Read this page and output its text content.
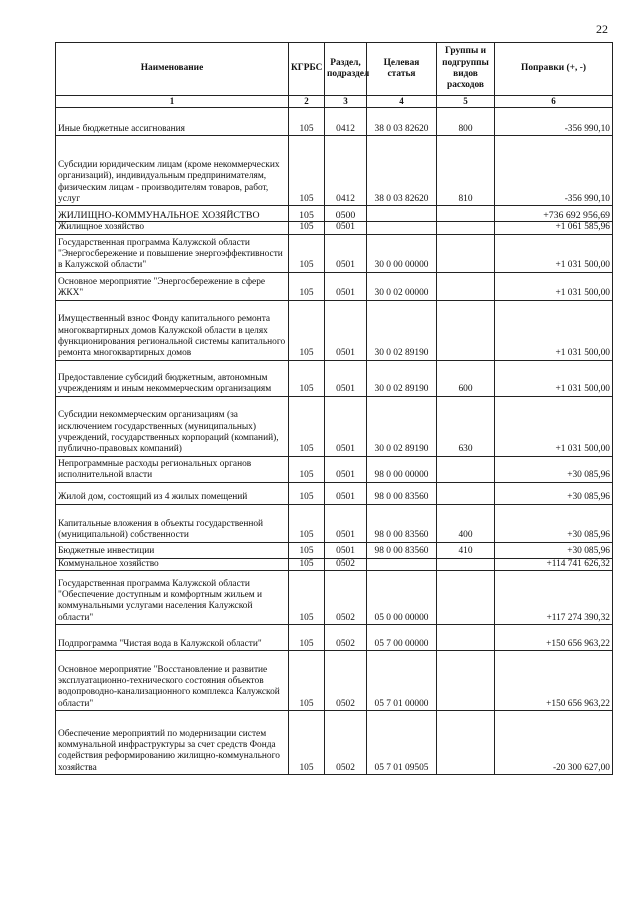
22
Наименование	КГРБС	Раздел, подраздел	Целевая статья	Группы и подгруппы видов расходов	Поправки (+, -)
1	2	3	4	5	6
Иные бюджетные ассигнования	105	0412	38 0 03 82620	800	-356 990,10
Субсидии юридическим лицам (кроме некоммерческих организаций), индивидуальным предпринимателям, физическим лицам - производителям товаров, работ, услуг	105	0412	38 0 03 82620	810	-356 990,10
ЖИЛИЩНО-КОММУНАЛЬНОЕ ХОЗЯЙСТВО	105	0500			+736 692 956,69
Жилищное хозяйство	105	0501			+1 061 585,96
Государственная программа Калужской области "Энергосбережение и повышение энергоэффективности в Калужской области"	105	0501	30 0 00 00000		+1 031 500,00
Основное мероприятие "Энергосбережение в сфере ЖКХ"	105	0501	30 0 02 00000		+1 031 500,00
Имущественный взнос Фонду капитального ремонта многоквартирных домов Калужской области в целях функционирования региональной системы капитального ремонта многоквартирных домов	105	0501	30 0 02 89190		+1 031 500,00
Предоставление субсидий бюджетным, автономным учреждениям и иным некоммерческим организациям	105	0501	30 0 02 89190	600	+1 031 500,00
Субсидии некоммерческим организациям (за исключением государственных (муниципальных) учреждений, государственных корпораций (компаний), публично-правовых компаний)	105	0501	30 0 02 89190	630	+1 031 500,00
Непрограммные расходы региональных органов исполнительной власти	105	0501	98 0 00 00000		+30 085,96
Жилой дом, состоящий из 4 жилых помещений	105	0501	98 0 00 83560		+30 085,96
Капитальные вложения в объекты государственной (муниципальной) собственности	105	0501	98 0 00 83560	400	+30 085,96
Бюджетные инвестиции	105	0501	98 0 00 83560	410	+30 085,96
Коммунальное хозяйство	105	0502			+114 741 626,32
Государственная программа Калужской области "Обеспечение доступным и комфортным жильем и коммунальными услугами населения Калужской области"	105	0502	05 0 00 00000		+117 274 390,32
Подпрограмма "Чистая вода в Калужской области"	105	0502	05 7 00 00000		+150 656 963,22
Основное мероприятие "Восстановление и развитие эксплуатационно-технического состояния объектов водопроводно-канализационного комплекса Калужской области"	105	0502	05 7 01 00000		+150 656 963,22
Обеспечение мероприятий по модернизации систем коммунальной инфраструктуры за счет средств Фонда содействия реформированию жилищно-коммунального хозяйства	105	0502	05 7 01 09505		-20 300 627,00
